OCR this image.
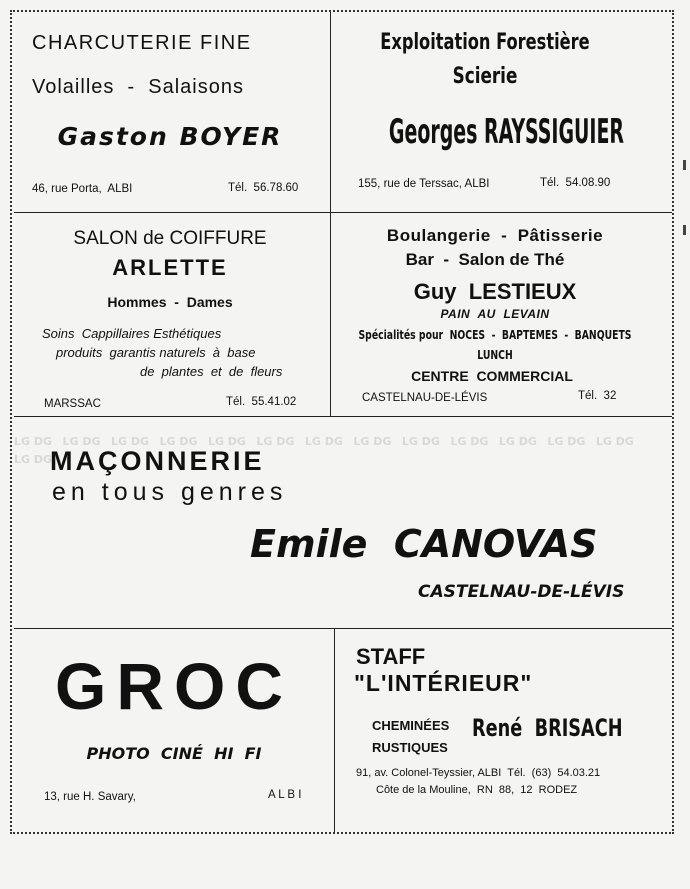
LG DG LG DG LG DG LG DG LG DG LG DG LG DG LG DG LG DG LG DG LG DG LG DG LG DG LG DG
CHARCUTERIE FINE
Volailles  -  Salaisons
Gaston BOYER
46, rue Porta,  ALBI	Tél.  56.78.60
Exploitation Forestière
Scierie
Georges RAYSSIGUIER
155, rue de Terssac, ALBI	Tél.  54.08.90
SALON de COIFFURE
ARLETTE
Hommes  -  Dames
Soins  Cappillaires Esthétiques
produits  garantis naturels  à  base
de  plantes  et  de  fleurs
MARSSAC	Tél.  55.41.02
Boulangerie  -  Pâtisserie
Bar  -  Salon de Thé
Guy  LESTIEUX
PAIN  AU  LEVAIN
Spécialités pour  NOCES  -  BAPTEMES  -  BANQUETS
LUNCH
CENTRE  COMMERCIAL
CASTELNAU-DE-LÉVIS	Tél.  32
MAÇONNERIE
en tous genres
Emile  CANOVAS
CASTELNAU-DE-LÉVIS
GROC
PHOTO  CINÉ  HI  FI
13, rue H. Savary,	A L B I
STAFF
"L'INTÉRIEUR"
CHEMINÉES
RUSTIQUES
René  BRISACH
91, av. Colonel-Teyssier, ALBI  Tél.  (63)  54.03.21
Côte de la Mouline,  RN  88,  12  RODEZ
